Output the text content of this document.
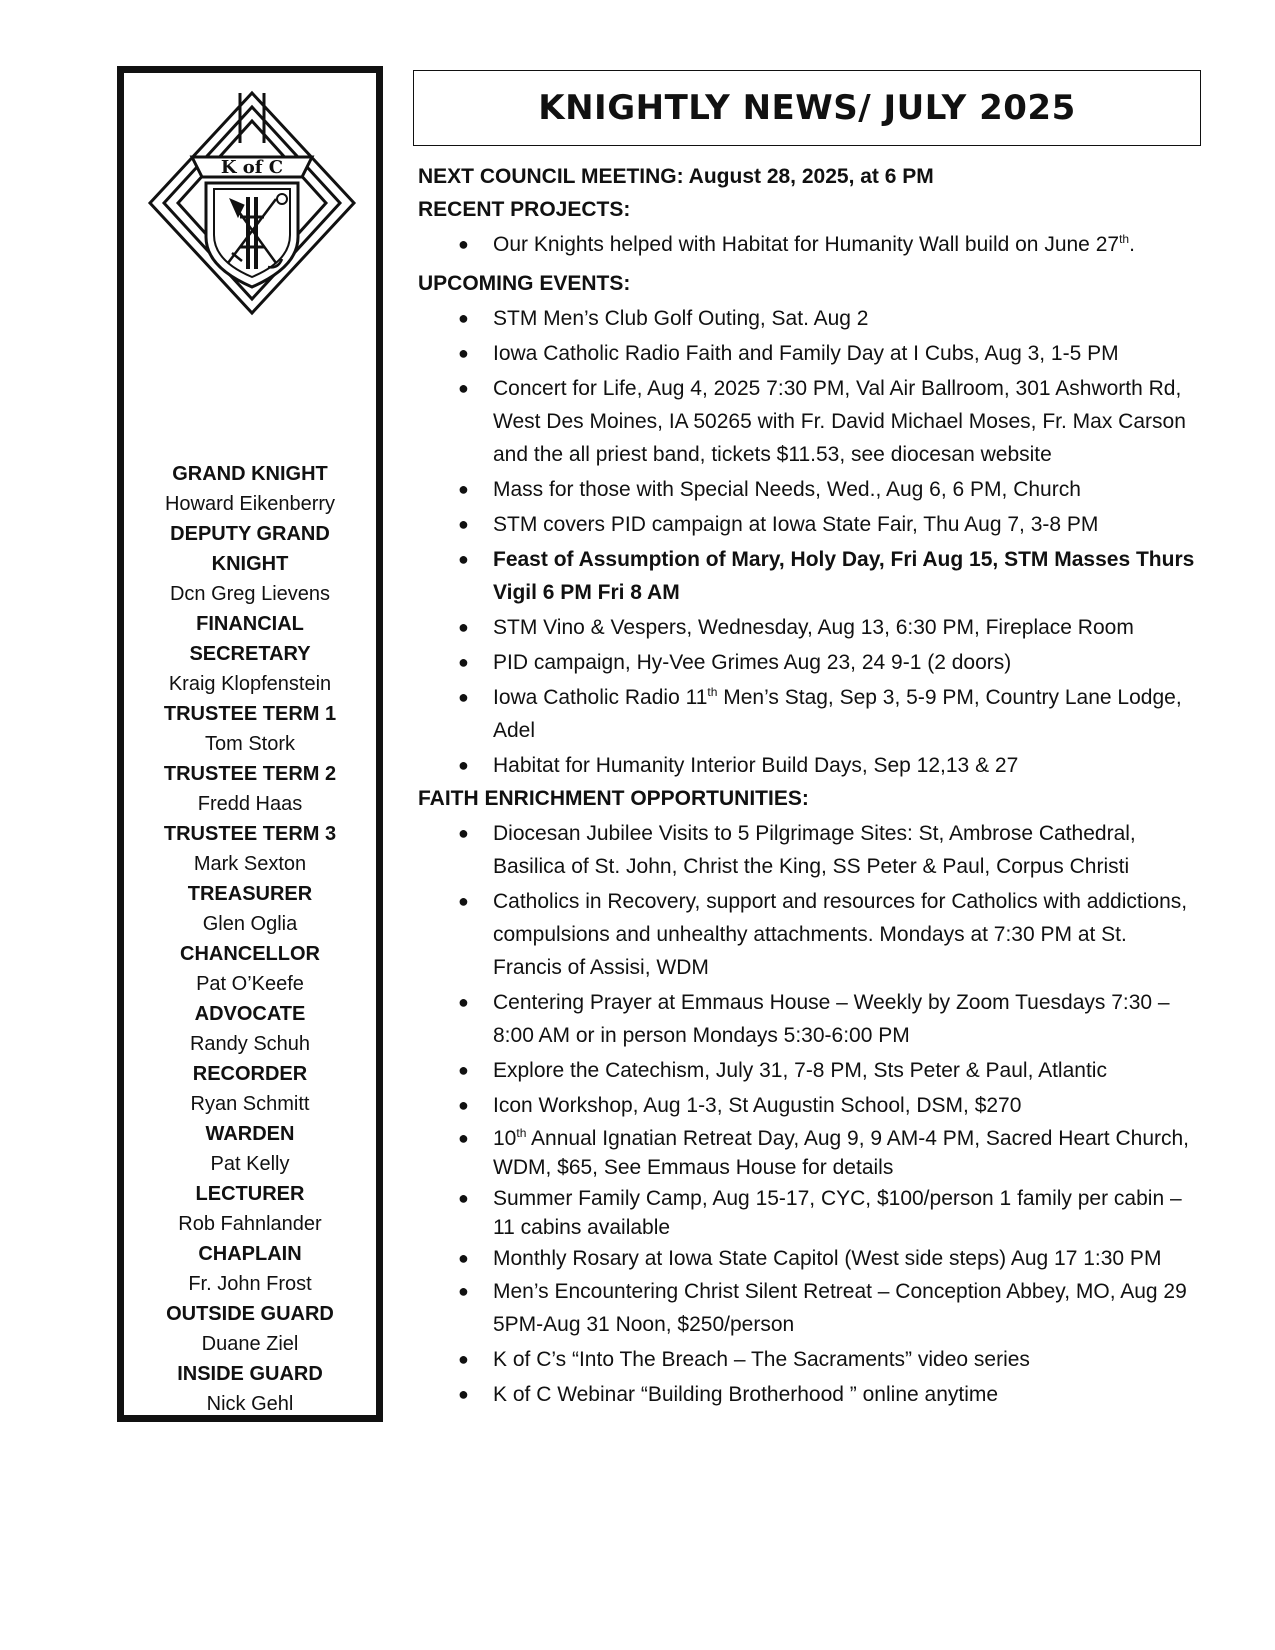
K of C
GRAND KNIGHT
Howard Eikenberry
DEPUTY GRAND KNIGHT
Dcn Greg Lievens
FINANCIAL SECRETARY
Kraig Klopfenstein
TRUSTEE TERM 1
Tom Stork
TRUSTEE TERM 2
Fredd Haas
TRUSTEE TERM 3
Mark Sexton
TREASURER
Glen Oglia
CHANCELLOR
Pat O’Keefe
ADVOCATE
Randy Schuh
RECORDER
Ryan Schmitt
WARDEN
Pat Kelly
LECTURER
Rob Fahnlander
CHAPLAIN
Fr. John Frost
OUTSIDE GUARD
Duane Ziel
INSIDE GUARD
Nick Gehl
KNIGHTLY NEWS/ JULY 2025

NEXT COUNCIL MEETING: August 28, 2025, at 6 PM

RECENT PROJECTS:

● Our Knights helped with Habitat for Humanity Wall build on June 27th.

UPCOMING EVENTS:

● STM Men’s Club Golf Outing, Sat. Aug 2
● Iowa Catholic Radio Faith and Family Day at I Cubs, Aug 3, 1-5 PM
● Concert for Life, Aug 4, 2025 7:30 PM, Val Air Ballroom, 301 Ashworth Rd, West Des Moines, IA 50265 with Fr. David Michael Moses, Fr. Max Carson and the all priest band, tickets $11.53, see diocesan website
● Mass for those with Special Needs, Wed., Aug 6, 6 PM, Church
● STM covers PID campaign at Iowa State Fair, Thu Aug 7, 3-8 PM
● Feast of Assumption of Mary, Holy Day, Fri Aug 15, STM Masses Thurs Vigil 6 PM Fri 8 AM
● STM Vino & Vespers, Wednesday, Aug 13, 6:30 PM, Fireplace Room
● PID campaign, Hy-Vee Grimes Aug 23, 24 9-1 (2 doors)
● Iowa Catholic Radio 11th Men’s Stag, Sep 3, 5-9 PM, Country Lane Lodge, Adel
● Habitat for Humanity Interior Build Days, Sep 12,13 & 27

FAITH ENRICHMENT OPPORTUNITIES:

● Diocesan Jubilee Visits to 5 Pilgrimage Sites: St, Ambrose Cathedral, Basilica of St. John, Christ the King, SS Peter & Paul, Corpus Christi
● Catholics in Recovery, support and resources for Catholics with addictions, compulsions and unhealthy attachments. Mondays at 7:30 PM at St. Francis of Assisi, WDM
● Centering Prayer at Emmaus House – Weekly by Zoom Tuesdays 7:30 – 8:00 AM or in person Mondays 5:30-6:00 PM
● Explore the Catechism, July 31, 7-8 PM, Sts Peter & Paul, Atlantic
● Icon Workshop, Aug 1-3, St Augustin School, DSM, $270
● 10th Annual Ignatian Retreat Day, Aug 9, 9 AM-4 PM, Sacred Heart Church, WDM, $65, See Emmaus House for details
● Summer Family Camp, Aug 15-17, CYC, $100/person 1 family per cabin – 11 cabins available
● Monthly Rosary at Iowa State Capitol (West side steps) Aug 17 1:30 PM
● Men’s Encountering Christ Silent Retreat – Conception Abbey, MO, Aug 29 5PM-Aug 31 Noon, $250/person
● K of C’s “Into The Breach – The Sacraments” video series
● K of C Webinar “Building Brotherhood ” online anytime
